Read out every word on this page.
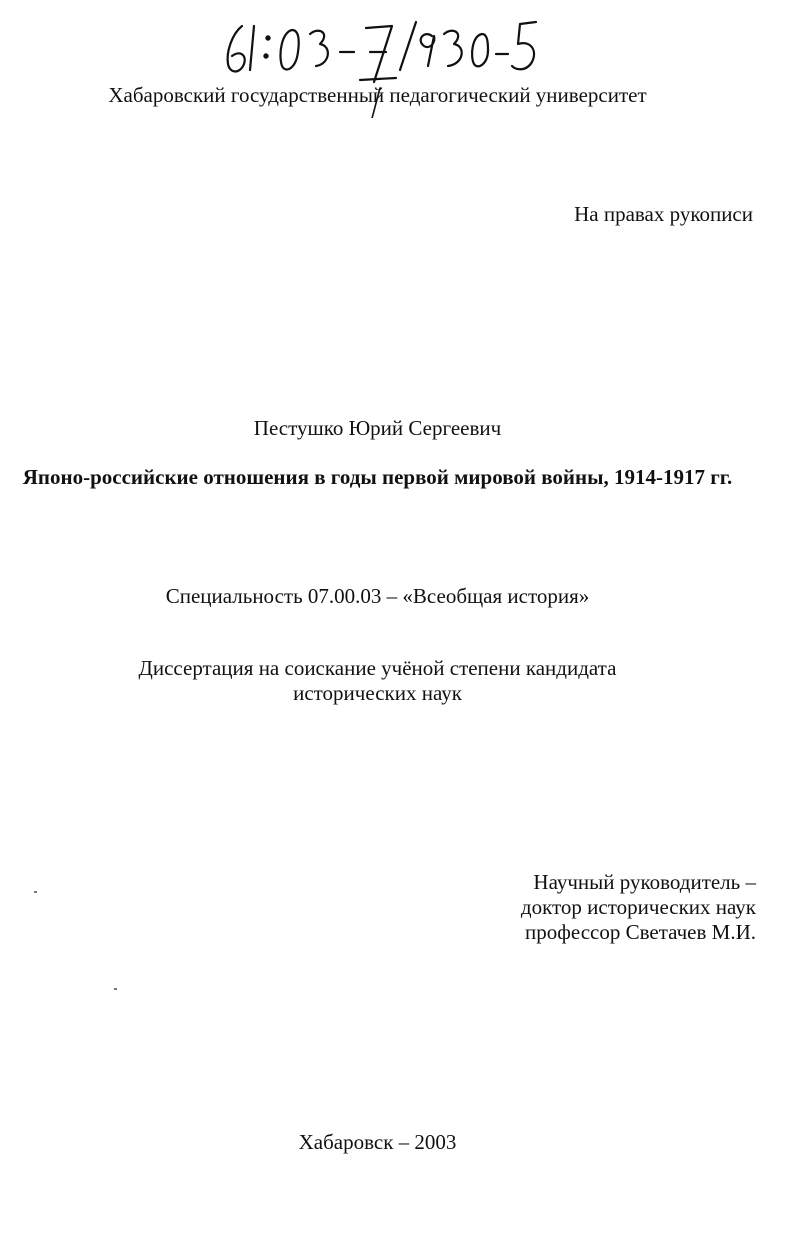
Хабаровский государственный педагогический университет
На правах рукописи
Пестушко Юрий Сергеевич
Японо-российские отношения в годы первой мировой войны, 1914-1917 гг.
Специальность 07.00.03 – «Всеобщая история»
Диссертация на соискание учёной степени кандидата
исторических наук
Научный руководитель –
доктор исторических наук
профессор Светачев М.И.
Хабаровск – 2003
